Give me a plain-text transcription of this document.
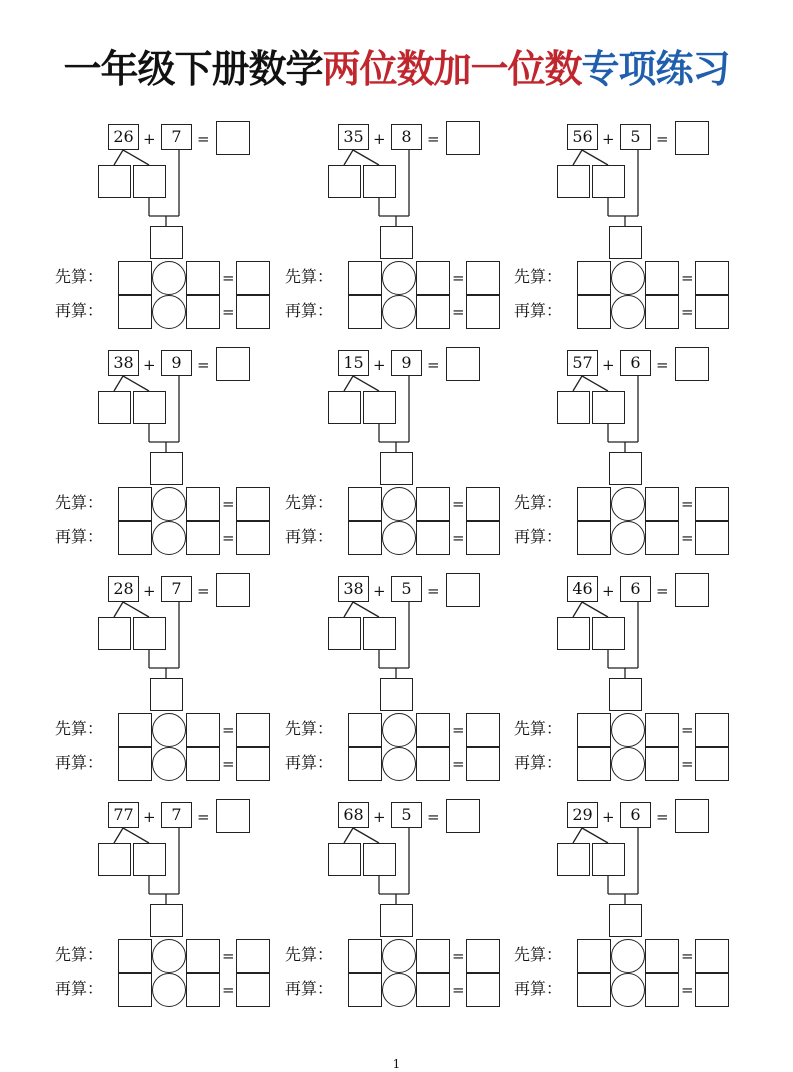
一年级下册数学两位数加一位数专项练习
26 + 7	=
先算：	=
再算：	=
35 + 8	=
先算：	=
再算：	=
56 + 5	=
先算：	=
再算：	=
38 + 9	=
先算：	=
再算：	=
15 + 9	=
先算：	=
再算：	=
57 + 6	=
先算：	=
再算：	=
28 + 7	=
先算：	=
再算：	=
38 + 5	=
先算：	=
再算：	=
46 + 6	=
先算：	=
再算：	=
77 + 7	=
先算：	=
再算：	=
68 + 5	=
先算：	=
再算：	=
29 + 6	=
先算：	=
再算：	=
1
